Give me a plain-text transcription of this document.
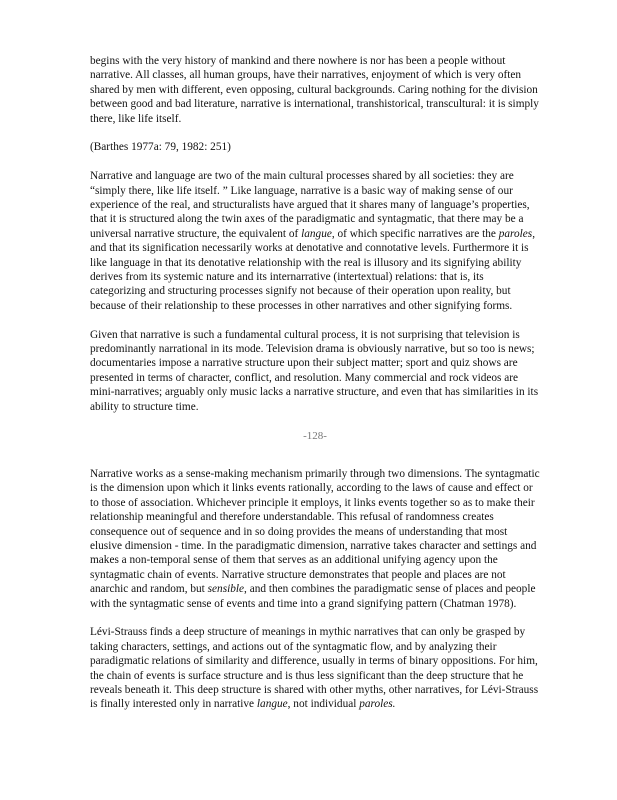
begins with the very history of mankind and there nowhere is nor has been a people without narrative. All classes, all human groups, have their narratives, enjoyment of which is very often shared by men with different, even opposing, cultural backgrounds. Caring nothing for the division between good and bad literature, narrative is international, transhistorical, transcultural: it is simply there, like life itself.

(Barthes 1977a: 79, 1982: 251)

Narrative and language are two of the main cultural processes shared by all societies: they are “simply there, like life itself. ” Like language, narrative is a basic way of making sense of our experience of the real, and structuralists have argued that it shares many of language’s properties, that it is structured along the twin axes of the paradigmatic and syntagmatic, that there may be a universal narrative structure, the equivalent of langue, of which specific narratives are the paroles, and that its signification necessarily works at denotative and connotative levels. Furthermore it is like language in that its denotative relationship with the real is illusory and its signifying ability derives from its systemic nature and its internarrative (intertextual) relations: that is, its categorizing and structuring processes signify not because of their operation upon reality, but because of their relationship to these processes in other narratives and other signifying forms.

Given that narrative is such a fundamental cultural process, it is not surprising that television is predominantly narrational in its mode. Television drama is obviously narrative, but so too is news; documentaries impose a narrative structure upon their subject matter; sport and quiz shows are presented in terms of character, conflict, and resolution. Many commercial and rock videos are mini-narratives; arguably only music lacks a narrative structure, and even that has similarities in its ability to structure time.

-128-

Narrative works as a sense-making mechanism primarily through two dimensions. The syntagmatic is the dimension upon which it links events rationally, according to the laws of cause and effect or to those of association. Whichever principle it employs, it links events together so as to make their relationship meaningful and therefore understandable. This refusal of randomness creates consequence out of sequence and in so doing provides the means of understanding that most elusive dimension - time. In the paradigmatic dimension, narrative takes character and settings and makes a non-temporal sense of them that serves as an additional unifying agency upon the syntagmatic chain of events. Narrative structure demonstrates that people and places are not anarchic and random, but sensible, and then combines the paradigmatic sense of places and people with the syntagmatic sense of events and time into a grand signifying pattern (Chatman 1978).

Lévi-Strauss finds a deep structure of meanings in mythic narratives that can only be grasped by taking characters, settings, and actions out of the syntagmatic flow, and by analyzing their paradigmatic relations of similarity and difference, usually in terms of binary oppositions. For him, the chain of events is surface structure and is thus less significant than the deep structure that he reveals beneath it. This deep structure is shared with other myths, other narratives, for Lévi-Strauss is finally interested only in narrative langue, not individual paroles.
